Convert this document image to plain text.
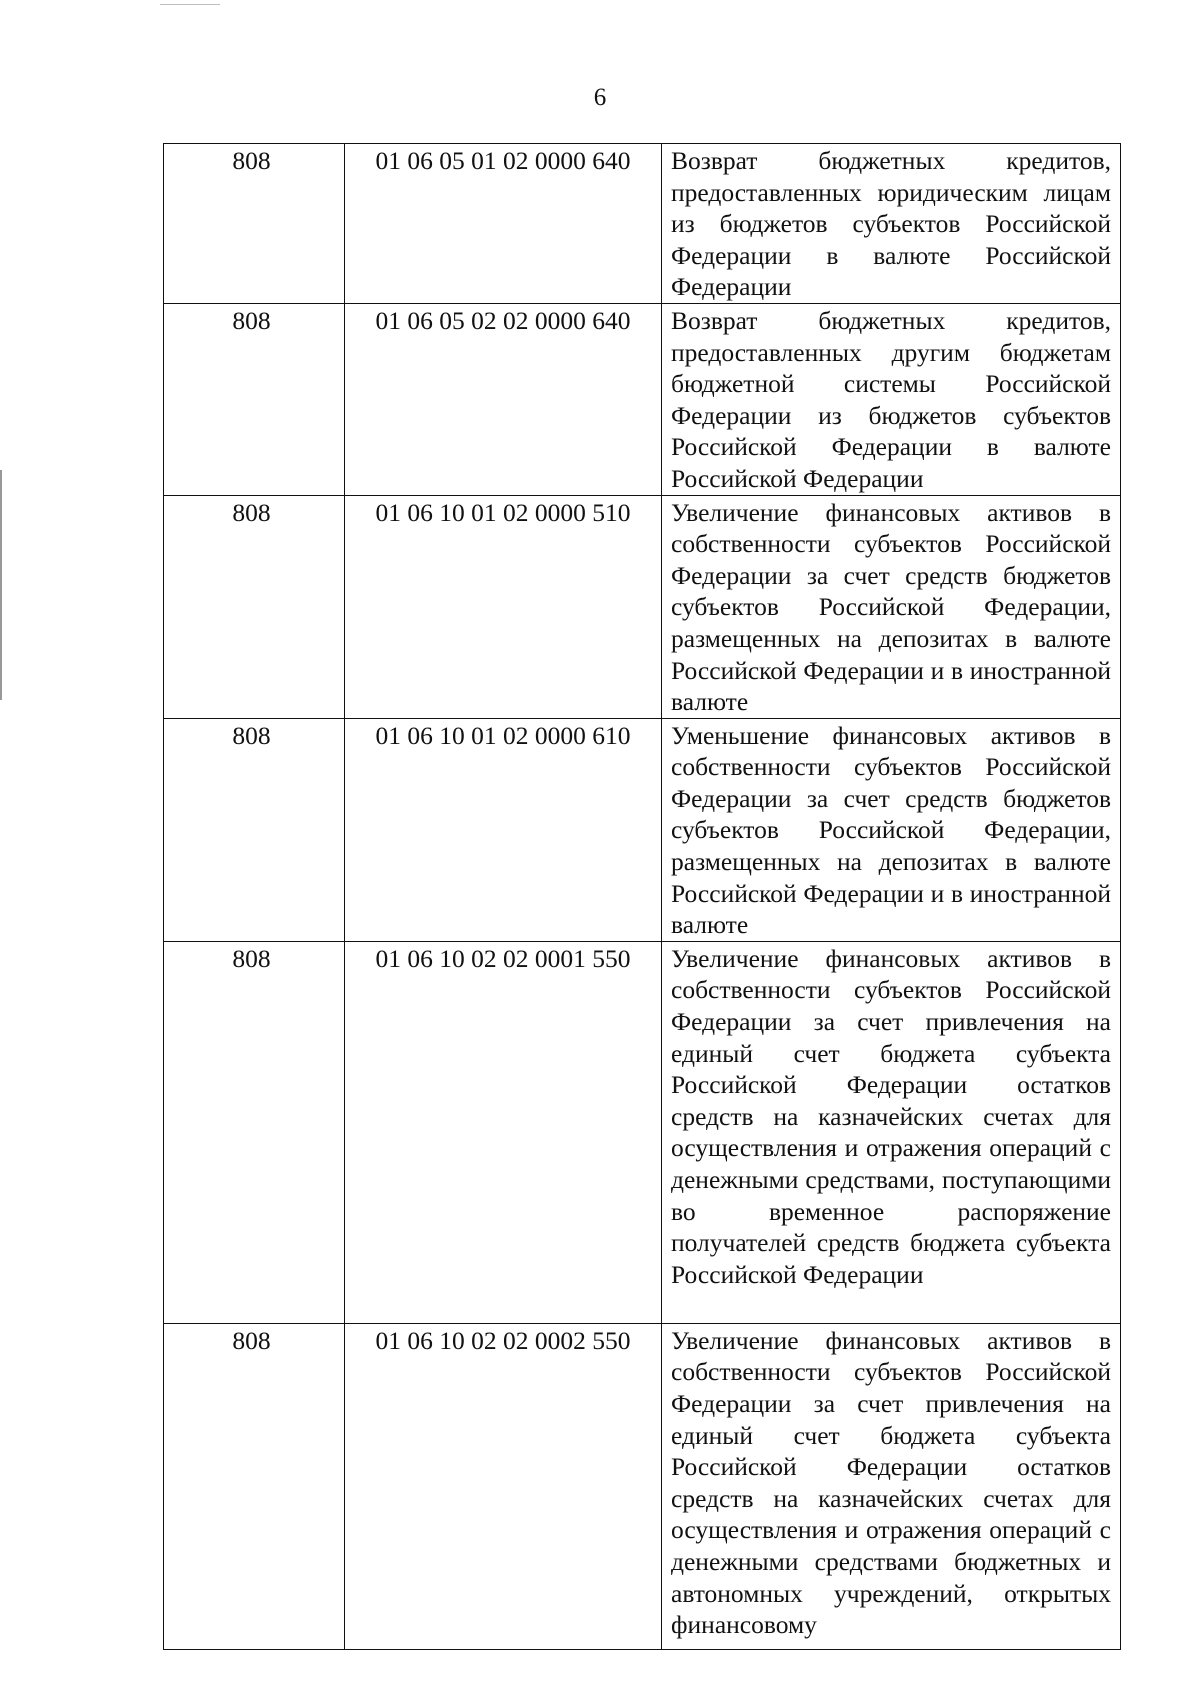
6
808	01 06 05 01 02 0000 640	Возврат бюджетных кредитов, предоставленных юридическим лицам из бюджетов субъектов Российской Федерации в валюте Российской Федерации
808	01 06 05 02 02 0000 640	Возврат бюджетных кредитов, предоставленных другим бюджетам бюджетной системы Российской Федерации из бюджетов субъектов Российской Федерации в валюте Российской Федерации
808	01 06 10 01 02 0000 510	Увеличение финансовых активов в собственности субъектов Российской Федерации за счет средств бюджетов субъектов Российской Федерации, размещенных на депозитах в валюте Российской Федерации и в иностранной валюте
808	01 06 10 01 02 0000 610	Уменьшение финансовых активов в собственности субъектов Российской Федерации за счет средств бюджетов субъектов Российской Федерации, размещенных на депозитах в валюте Российской Федерации и в иностранной валюте
808	01 06 10 02 02 0001 550	Увеличение финансовых активов в собственности субъектов Российской Федерации за счет привлечения на единый счет бюджета субъекта Российской Федерации остатков средств на казначейских счетах для осуществления и отражения операций с денежными средствами, поступающими во временное распоряжение получателей средств бюджета субъекта Российской Федерации
808	01 06 10 02 02 0002 550	Увеличение финансовых активов в собственности субъектов Российской Федерации за счет привлечения на единый счет бюджета субъекта Российской Федерации остатков средств на казначейских счетах для осуществления и отражения операций с денежными средствами бюджетных и автономных учреждений, открытых финансовому
